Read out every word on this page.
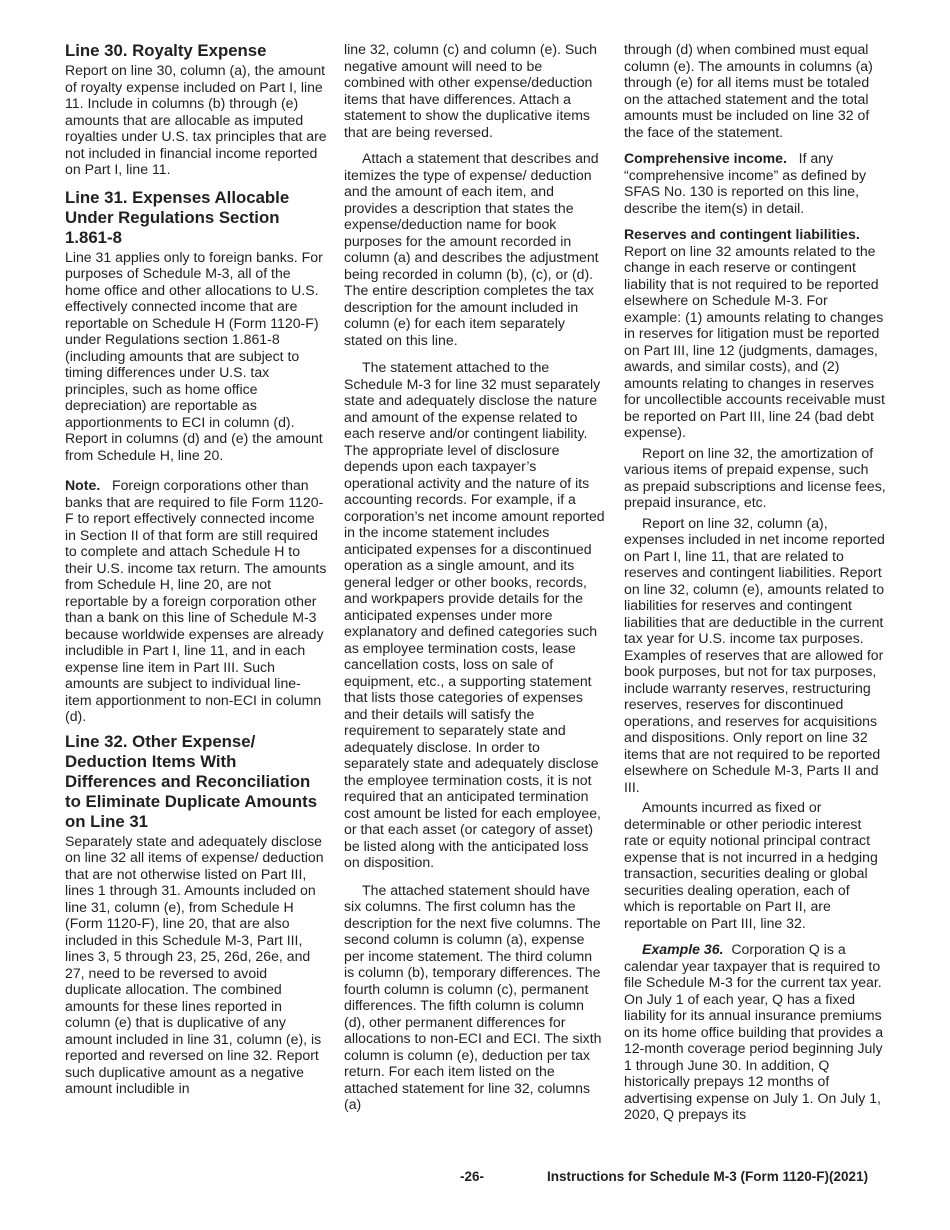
Line 30. Royalty Expense

Report on line 30, column (a), the amount of royalty expense included on Part I, line 11. Include in columns (b) through (e) amounts that are allocable as imputed royalties under U.S. tax principles that are not included in financial income reported on Part I, line 11.

Line 31. Expenses Allocable Under Regulations Section 1.861-8

Line 31 applies only to foreign banks. For purposes of Schedule M-3, all of the home office and other allocations to U.S. effectively connected income that are reportable on Schedule H (Form 1120-F) under Regulations section 1.861-8 (including amounts that are subject to timing differences under U.S. tax principles, such as home office depreciation) are reportable as apportionments to ECI in column (d). Report in columns (d) and (e) the amount from Schedule H, line 20.

Note. Foreign corporations other than banks that are required to file Form 1120-F to report effectively connected income in Section II of that form are still required to complete and attach Schedule H to their U.S. income tax return. The amounts from Schedule H, line 20, are not reportable by a foreign corporation other than a bank on this line of Schedule M-3 because worldwide expenses are already includible in Part I, line 11, and in each expense line item in Part III. Such amounts are subject to individual line-item apportionment to non-ECI in column (d).

Line 32. Other Expense/ Deduction Items With Differences and Reconciliation to Eliminate Duplicate Amounts on Line 31

Separately state and adequately disclose on line 32 all items of expense/ deduction that are not otherwise listed on Part III, lines 1 through 31. Amounts included on line 31, column (e), from Schedule H (Form 1120-F), line 20, that are also included in this Schedule M-3, Part III, lines 3, 5 through 23, 25, 26d, 26e, and 27, need to be reversed to avoid duplicate allocation. The combined amounts for these lines reported in column (e) that is duplicative of any amount included in line 31, column (e), is reported and reversed on line 32. Report such duplicative amount as a negative amount includible in

line 32, column (c) and column (e). Such negative amount will need to be combined with other expense/deduction items that have differences. Attach a statement to show the duplicative items that are being reversed.

Attach a statement that describes and itemizes the type of expense/ deduction and the amount of each item, and provides a description that states the expense/deduction name for book purposes for the amount recorded in column (a) and describes the adjustment being recorded in column (b), (c), or (d). The entire description completes the tax description for the amount included in column (e) for each item separately stated on this line.

The statement attached to the Schedule M-3 for line 32 must separately state and adequately disclose the nature and amount of the expense related to each reserve and/or contingent liability. The appropriate level of disclosure depends upon each taxpayer’s operational activity and the nature of its accounting records. For example, if a corporation’s net income amount reported in the income statement includes anticipated expenses for a discontinued operation as a single amount, and its general ledger or other books, records, and workpapers provide details for the anticipated expenses under more explanatory and defined categories such as employee termination costs, lease cancellation costs, loss on sale of equipment, etc., a supporting statement that lists those categories of expenses and their details will satisfy the requirement to separately state and adequately disclose. In order to separately state and adequately disclose the employee termination costs, it is not required that an anticipated termination cost amount be listed for each employee, or that each asset (or category of asset) be listed along with the anticipated loss on disposition.

The attached statement should have six columns. The first column has the description for the next five columns. The second column is column (a), expense per income statement. The third column is column (b), temporary differences. The fourth column is column (c), permanent differences. The fifth column is column (d), other permanent differences for allocations to non-ECI and ECI. The sixth column is column (e), deduction per tax return. For each item listed on the attached statement for line 32, columns (a)

through (d) when combined must equal column (e). The amounts in columns (a) through (e) for all items must be totaled on the attached statement and the total amounts must be included on line 32 of the face of the statement.

Comprehensive income. If any “comprehensive income” as defined by SFAS No. 130 is reported on this line, describe the item(s) in detail.

Reserves and contingent liabilities.
Report on line 32 amounts related to the change in each reserve or contingent liability that is not required to be reported elsewhere on Schedule M-3. For example: (1) amounts relating to changes in reserves for litigation must be reported on Part III, line 12 (judgments, damages, awards, and similar costs), and (2) amounts relating to changes in reserves for uncollectible accounts receivable must be reported on Part III, line 24 (bad debt expense).

Report on line 32, the amortization of various items of prepaid expense, such as prepaid subscriptions and license fees, prepaid insurance, etc.

Report on line 32, column (a), expenses included in net income reported on Part I, line 11, that are related to reserves and contingent liabilities. Report on line 32, column (e), amounts related to liabilities for reserves and contingent liabilities that are deductible in the current tax year for U.S. income tax purposes. Examples of reserves that are allowed for book purposes, but not for tax purposes, include warranty reserves, restructuring reserves, reserves for discontinued operations, and reserves for acquisitions and dispositions. Only report on line 32 items that are not required to be reported elsewhere on Schedule M-3, Parts II and III.

Amounts incurred as fixed or determinable or other periodic interest rate or equity notional principal contract expense that is not incurred in a hedging transaction, securities dealing or global securities dealing operation, each of which is reportable on Part II, are reportable on Part III, line 32.

Example 36. Corporation Q is a calendar year taxpayer that is required to file Schedule M-3 for the current tax year. On July 1 of each year, Q has a fixed liability for its annual insurance premiums on its home office building that provides a 12-month coverage period beginning July 1 through June 30. In addition, Q historically prepays 12 months of advertising expense on July 1. On July 1, 2020, Q prepays its

-26-	Instructions for Schedule M-3 (Form 1120-F)(2021)
